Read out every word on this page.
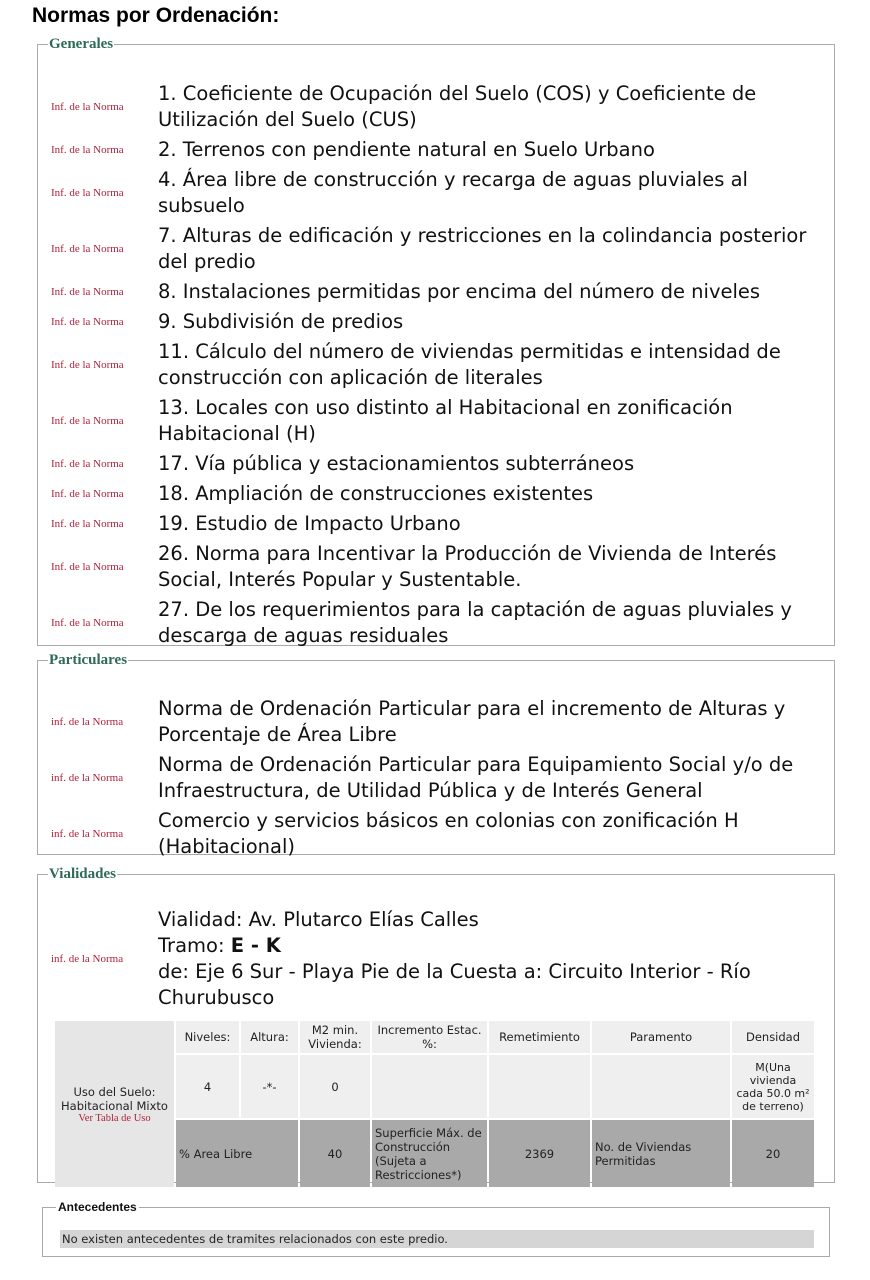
Normas por Ordenación:
Generales
Inf. de la Norma
1. Coeficiente de Ocupación del Suelo (COS) y Coeficiente de Utilización del Suelo (CUS)
Inf. de la Norma	2. Terrenos con pendiente natural en Suelo Urbano
Inf. de la Norma
4. Área libre de construcción y recarga de aguas pluviales al subsuelo
Inf. de la Norma
7. Alturas de edificación y restricciones en la colindancia posterior del predio
Inf. de la Norma	8. Instalaciones permitidas por encima del número de niveles
Inf. de la Norma	9. Subdivisión de predios
Inf. de la Norma
11. Cálculo del número de viviendas permitidas e intensidad de construcción con aplicación de literales
Inf. de la Norma
13. Locales con uso distinto al Habitacional en zonificación Habitacional (H)
Inf. de la Norma	17. Vía pública y estacionamientos subterráneos
Inf. de la Norma	18. Ampliación de construcciones existentes
Inf. de la Norma	19. Estudio de Impacto Urbano
Inf. de la Norma
26. Norma para Incentivar la Producción de Vivienda de Interés Social, Interés Popular y Sustentable.
Inf. de la Norma
27. De los requerimientos para la captación de aguas pluviales y descarga de aguas residuales
Particulares
inf. de la Norma
Norma de Ordenación Particular para el incremento de Alturas y Porcentaje de Área Libre
inf. de la Norma
Norma de Ordenación Particular para Equipamiento Social y/o de Infraestructura, de Utilidad Pública y de Interés General
inf. de la Norma
Comercio y servicios básicos en colonias con zonificación H (Habitacional)
Vialidades
inf. de la Norma
Vialidad: Av. Plutarco Elías Calles
Tramo: E - K
de: Eje 6 Sur - Playa Pie de la Cuesta a: Circuito Interior - Río Churubusco
Uso del Suelo: Habitacional Mixto
Ver Tabla de Uso	Niveles:	Altura:	M2 min. Vivienda:	Incremento Estac. %:	Remetimiento	Paramento	Densidad
	4	-*-	0				M(Una vivienda cada 50.0 m² de terreno)
	% Area Libre		40	Superficie Máx. de Construcción (Sujeta a Restricciones*)	2369	No. de Viviendas Permitidas	20
Antecedentes
No existen antecedentes de tramites relacionados con este predio.
